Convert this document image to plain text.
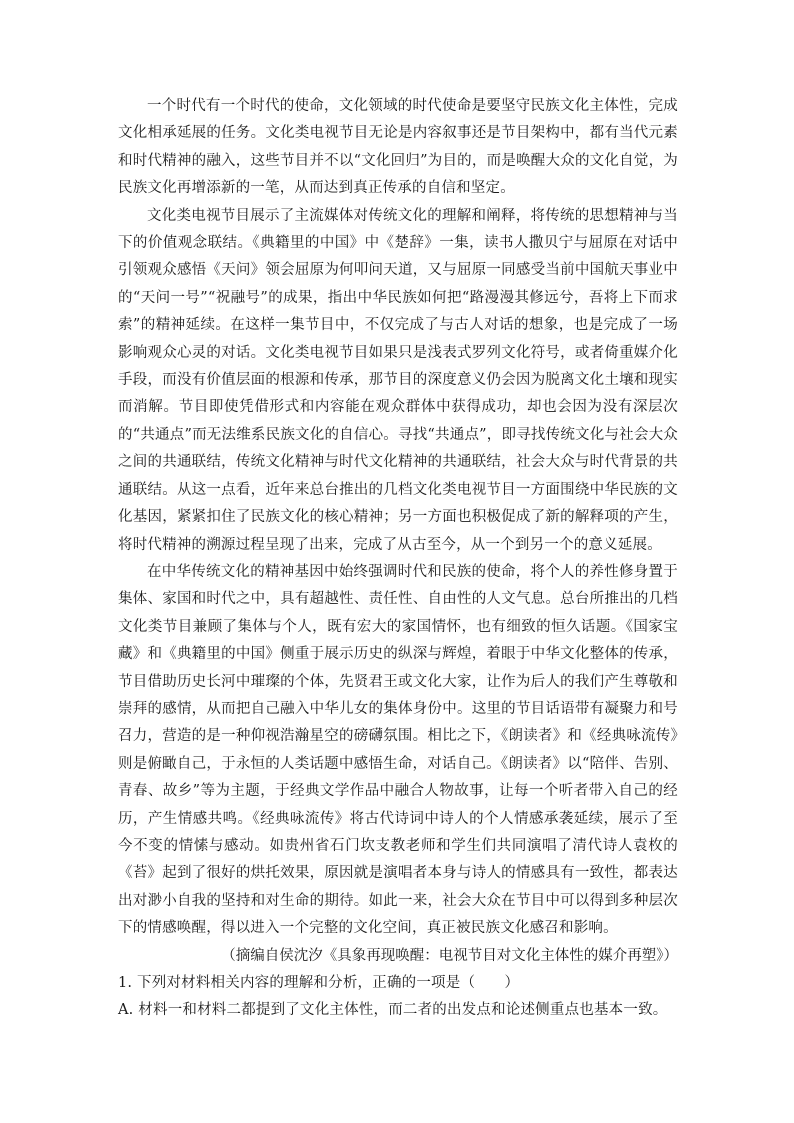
一个时代有一个时代的使命，文化领域的时代使命是要坚守民族文化主体性，完成文化相承延展的任务。文化类电视节目无论是内容叙事还是节目架构中，都有当代元素和时代精神的融入，这些节目并不以“文化回归”为目的，而是唤醒大众的文化自觉，为民族文化再增添新的一笔，从而达到真正传承的自信和坚定。

文化类电视节目展示了主流媒体对传统文化的理解和阐释，将传统的思想精神与当下的价值观念联结。《典籍里的中国》中《楚辞》一集，读书人撒贝宁与屈原在对话中引领观众感悟《天问》领会屈原为何叩问天道，又与屈原一同感受当前中国航天事业中的“天问一号”“祝融号”的成果，指出中华民族如何把“路漫漫其修远兮，吾将上下而求索”的精神延续。在这样一集节目中，不仅完成了与古人对话的想象，也是完成了一场影响观众心灵的对话。文化类电视节目如果只是浅表式罗列文化符号，或者倚重媒介化手段，而没有价值层面的根源和传承，那节目的深度意义仍会因为脱离文化土壤和现实而消解。节目即使凭借形式和内容能在观众群体中获得成功，却也会因为没有深层次的“共通点”而无法维系民族文化的自信心。寻找“共通点”，即寻找传统文化与社会大众之间的共通联结，传统文化精神与时代文化精神的共通联结，社会大众与时代背景的共通联结。从这一点看，近年来总台推出的几档文化类电视节目一方面围绕中华民族的文化基因，紧紧扣住了民族文化的核心精神；另一方面也积极促成了新的解释项的产生，将时代精神的溯源过程呈现了出来，完成了从古至今，从一个到另一个的意义延展。

在中华传统文化的精神基因中始终强调时代和民族的使命，将个人的养性修身置于集体、家国和时代之中，具有超越性、责任性、自由性的人文气息。总台所推出的几档文化类节目兼顾了集体与个人，既有宏大的家国情怀，也有细致的恒久话题。《国家宝藏》和《典籍里的中国》侧重于展示历史的纵深与辉煌，着眼于中华文化整体的传承，节目借助历史长河中璀璨的个体，先贤君王或文化大家，让作为后人的我们产生尊敬和崇拜的感情，从而把自己融入中华儿女的集体身份中。这里的节目话语带有凝聚力和号召力，营造的是一种仰视浩瀚星空的磅礴氛围。相比之下，《朗读者》和《经典咏流传》则是俯瞰自己，于永恒的人类话题中感悟生命，对话自己。《朗读者》以“陪伴、告别、青春、故乡”等为主题，于经典文学作品中融合人物故事，让每一个听者带入自己的经历，产生情感共鸣。《经典咏流传》将古代诗词中诗人的个人情感承袭延续，展示了至今不变的情愫与感动。如贵州省石门坎支教老师和学生们共同演唱了清代诗人袁枚的《苔》起到了很好的烘托效果，原因就是演唱者本身与诗人的情感具有一致性，都表达出对渺小自我的坚持和对生命的期待。如此一来，社会大众在节目中可以得到多种层次下的情感唤醒，得以进入一个完整的文化空间，真正被民族文化感召和影响。

（摘编自侯沈汐《具象再现唤醒：电视节目对文化主体性的媒介再塑》）

1. 下列对材料相关内容的理解和分析，正确的一项是（　　）

A. 材料一和材料二都提到了文化主体性，而二者的出发点和论述侧重点也基本一致。
